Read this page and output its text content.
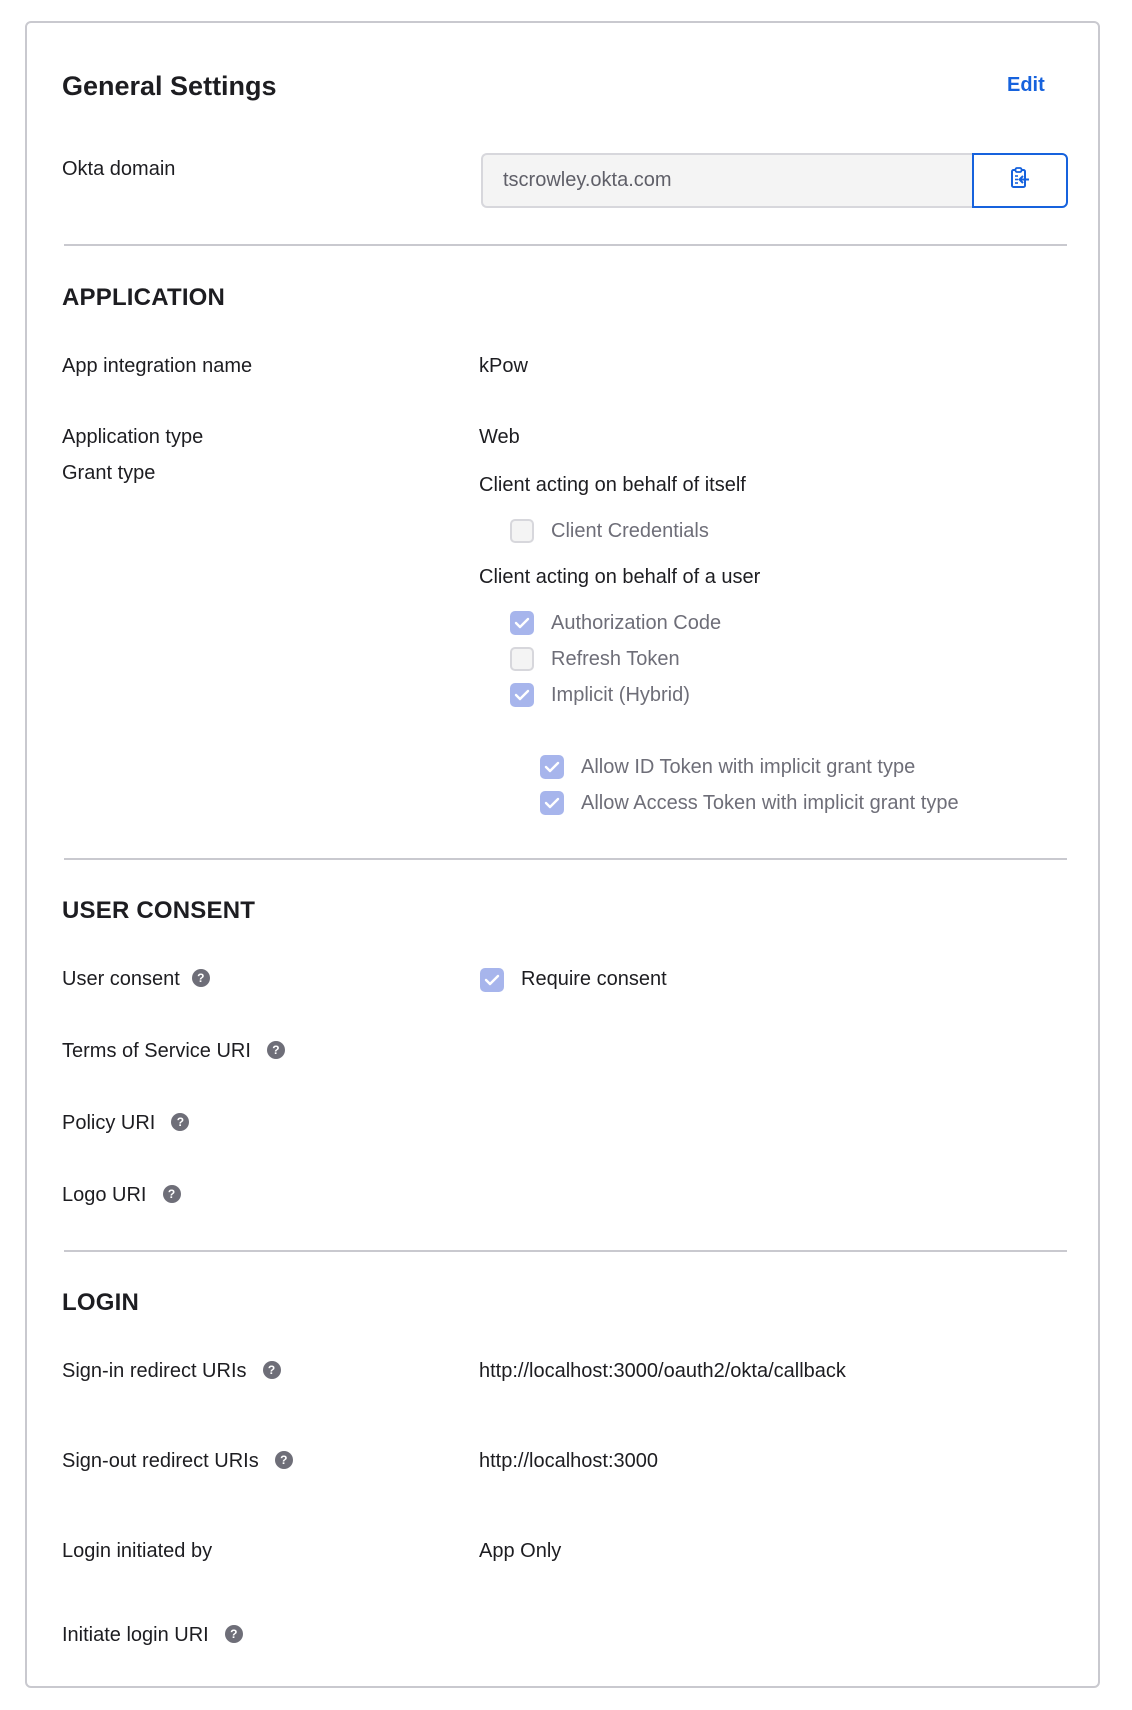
General Settings	Edit
Okta domain	tscrowley.okta.com
APPLICATION
App integration name	kPow
Application type	Web
Grant type
Client acting on behalf of itself
Client Credentials
Client acting on behalf of a user
Authorization Code
Refresh Token
Implicit (Hybrid)
Allow ID Token with implicit grant type
Allow Access Token with implicit grant type
USER CONSENT
User consent ?	Require consent
Terms of Service URI ?
Policy URI ?
Logo URI ?
LOGIN
Sign-in redirect URIs ?	http://localhost:3000/oauth2/okta/callback
Sign-out redirect URIs ?	http://localhost:3000
Login initiated by	App Only
Initiate login URI ?
